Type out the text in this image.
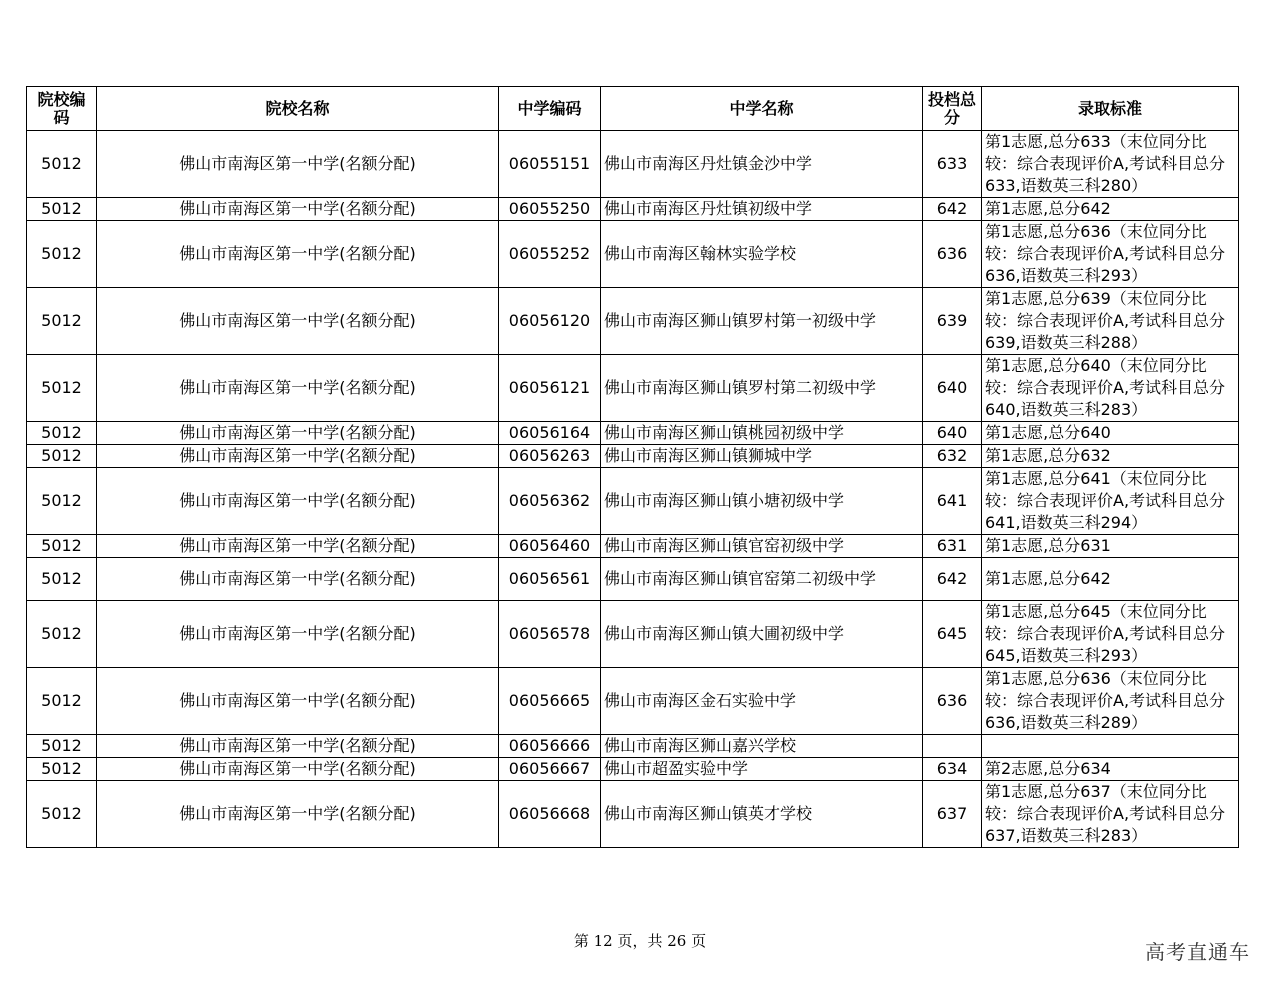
院校编码	院校名称	中学编码	中学名称	投档总分	录取标准
5012	佛山市南海区第一中学(名额分配)	06055151	佛山市南海区丹灶镇金沙中学	633	第1志愿,总分633（末位同分比较：综合表现评价A,考试科目总分633,语数英三科280）
5012	佛山市南海区第一中学(名额分配)	06055250	佛山市南海区丹灶镇初级中学	642	第1志愿,总分642
5012	佛山市南海区第一中学(名额分配)	06055252	佛山市南海区翰林实验学校	636	第1志愿,总分636（末位同分比较：综合表现评价A,考试科目总分636,语数英三科293）
5012	佛山市南海区第一中学(名额分配)	06056120	佛山市南海区狮山镇罗村第一初级中学	639	第1志愿,总分639（末位同分比较：综合表现评价A,考试科目总分639,语数英三科288）
5012	佛山市南海区第一中学(名额分配)	06056121	佛山市南海区狮山镇罗村第二初级中学	640	第1志愿,总分640（末位同分比较：综合表现评价A,考试科目总分640,语数英三科283）
5012	佛山市南海区第一中学(名额分配)	06056164	佛山市南海区狮山镇桃园初级中学	640	第1志愿,总分640
5012	佛山市南海区第一中学(名额分配)	06056263	佛山市南海区狮山镇狮城中学	632	第1志愿,总分632
5012	佛山市南海区第一中学(名额分配)	06056362	佛山市南海区狮山镇小塘初级中学	641	第1志愿,总分641（末位同分比较：综合表现评价A,考试科目总分641,语数英三科294）
5012	佛山市南海区第一中学(名额分配)	06056460	佛山市南海区狮山镇官窑初级中学	631	第1志愿,总分631
5012	佛山市南海区第一中学(名额分配)	06056561	佛山市南海区狮山镇官窑第二初级中学	642	第1志愿,总分642
5012	佛山市南海区第一中学(名额分配)	06056578	佛山市南海区狮山镇大圃初级中学	645	第1志愿,总分645（末位同分比较：综合表现评价A,考试科目总分645,语数英三科293）
5012	佛山市南海区第一中学(名额分配)	06056665	佛山市南海区金石实验中学	636	第1志愿,总分636（末位同分比较：综合表现评价A,考试科目总分636,语数英三科289）
5012	佛山市南海区第一中学(名额分配)	06056666	佛山市南海区狮山嘉兴学校		
5012	佛山市南海区第一中学(名额分配)	06056667	佛山市超盈实验中学	634	第2志愿,总分634
5012	佛山市南海区第一中学(名额分配)	06056668	佛山市南海区狮山镇英才学校	637	第1志愿,总分637（末位同分比较：综合表现评价A,考试科目总分637,语数英三科283）
第 12 页，共 26 页	高考直通车
